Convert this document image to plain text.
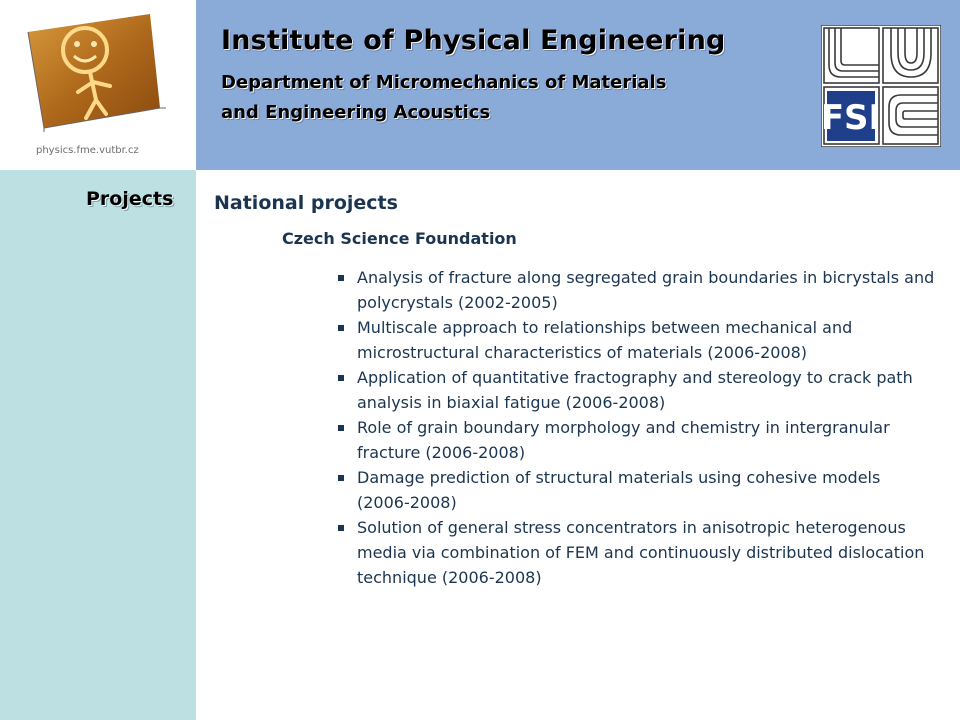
physics.fme.vutbr.cz
Institute of Physical Engineering
Department of Micromechanics of Materials
and Engineering Acoustics	FSI
Projects National projects
Czech Science Foundation
Analysis of fracture along segregated grain boundaries in bicrystals and polycrystals (2002-2005)
Multiscale approach to relationships between mechanical and microstructural characteristics of materials (2006-2008)
Application of quantitative fractography and stereology to crack path analysis in biaxial fatigue (2006-2008)
Role of grain boundary morphology and chemistry in intergranular fracture (2006-2008)
Damage prediction of structural materials using cohesive models (2006-2008)
Solution of general stress concentrators in anisotropic heterogenous media via combination of FEM and continuously distributed dislocation technique (2006-2008)
